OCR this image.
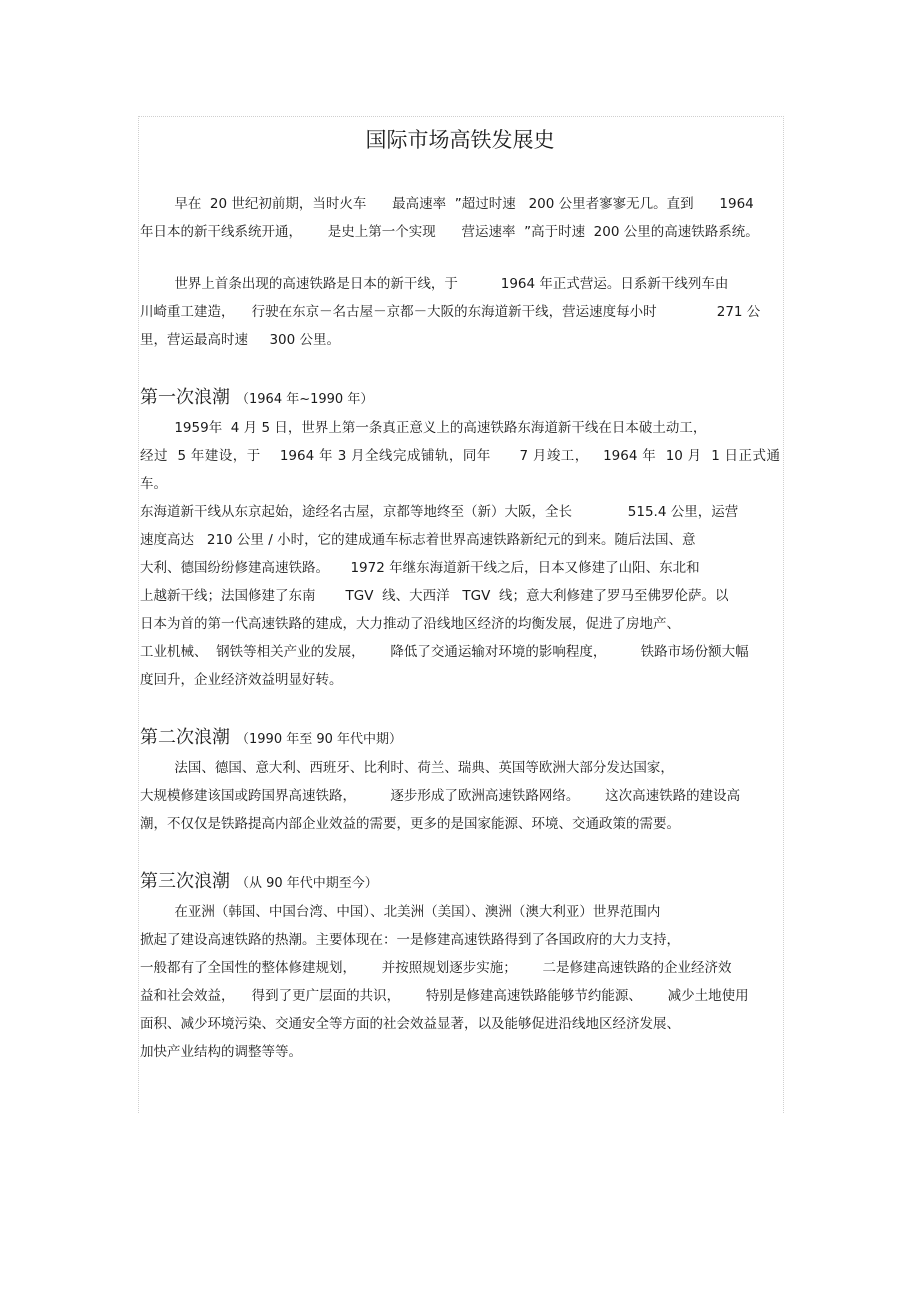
国际市场高铁发展史

早在  20 世纪初前期，当时火车      最高速率  ”超过时速   200 公里者寥寥无几。直到      1964
年日本的新干线系统开通，      是史上第一个实现      营运速率  ”高于时速  200 公里的高速铁路系统。

世界上首条出现的高速铁路是日本的新干线，于          1964 年正式营运。日系新干线列车由
川崎重工建造，    行驶在东京－名古屋－京都－大阪的东海道新干线，营运速度每小时              271 公
里，营运最高时速     300 公里。

第一次浪潮 （1964 年~1990 年）

1959年  4 月 5 日，世界上第一条真正意义上的高速铁路东海道新干线在日本破土动工，
经过  5 年建设，于    1964 年 3 月全线完成铺轨，同年      7 月竣工，   1964 年  10 月  1 日正式通车。
东海道新干线从东京起始，途经名古屋，京都等地终至（新）大阪，全长             515.4 公里，运营
速度高达   210 公里 / 小时，它的建成通车标志着世界高速铁路新纪元的到来。随后法国、意
大利、德国纷纷修建高速铁路。     1972 年继东海道新干线之后，日本又修建了山阳、东北和
上越新干线；法国修建了东南       TGV  线、大西洋   TGV  线；意大利修建了罗马至佛罗伦萨。以
日本为首的第一代高速铁路的建成，大力推动了沿线地区经济的均衡发展，促进了房地产、
工业机械、  钢铁等相关产业的发展，      降低了交通运输对环境的影响程度，        铁路市场份额大幅
度回升，企业经济效益明显好转。

第二次浪潮 （1990 年至 90 年代中期）

法国、德国、意大利、西班牙、比利时、荷兰、瑞典、英国等欧洲大部分发达国家，
大规模修建该国或跨国界高速铁路，        逐步形成了欧洲高速铁路网络。      这次高速铁路的建设高
潮，不仅仅是铁路提高内部企业效益的需要，更多的是国家能源、环境、交通政策的需要。

第三次浪潮 （从 90 年代中期至今）

在亚洲（韩国、中国台湾、中国）、北美洲（美国）、澳洲（澳大利亚）世界范围内
掀起了建设高速铁路的热潮。主要体现在：一是修建高速铁路得到了各国政府的大力支持，
一般都有了全国性的整体修建规划，      并按照规划逐步实施；      二是修建高速铁路的企业经济效
益和社会效益，    得到了更广层面的共识，      特别是修建高速铁路能够节约能源、      减少土地使用
面积、减少环境污染、交通安全等方面的社会效益显著，以及能够促进沿线地区经济发展、
加快产业结构的调整等等。
